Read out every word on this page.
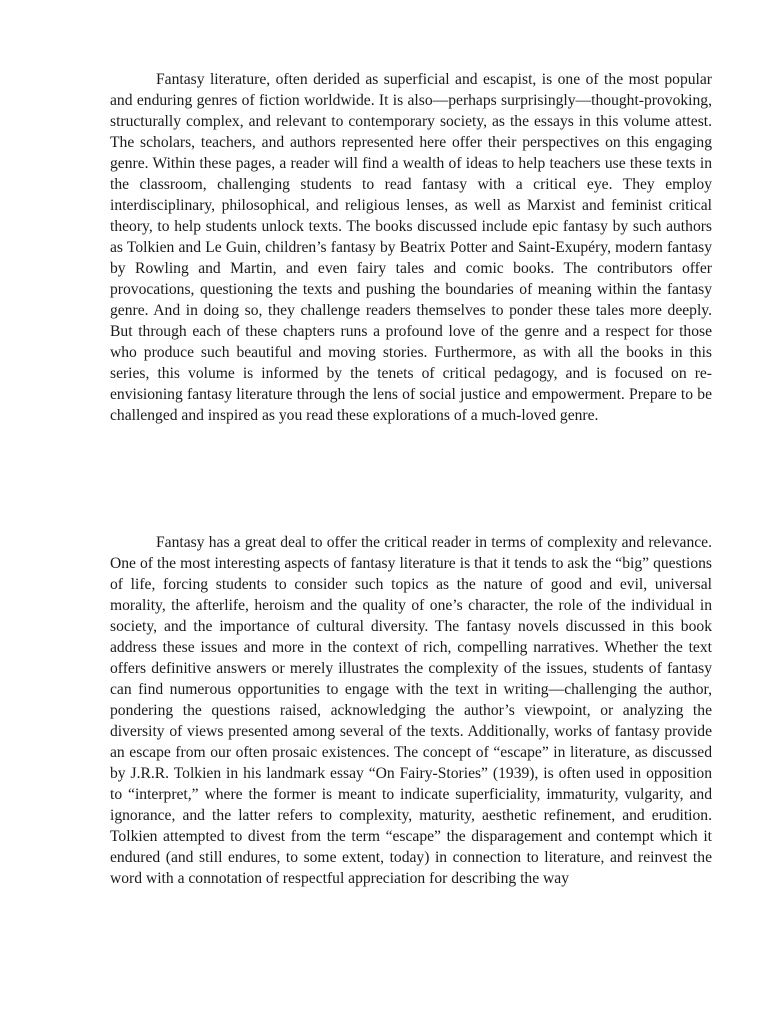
Fantasy literature, often derided as superficial and escapist, is one of the most popular and enduring genres of fiction worldwide. It is also—perhaps surprisingly—thought-provoking, structurally complex, and relevant to contemporary society, as the essays in this volume attest. The scholars, teachers, and authors represented here offer their perspectives on this engaging genre. Within these pages, a reader will find a wealth of ideas to help teachers use these texts in the classroom, challenging students to read fantasy with a critical eye. They employ interdisciplinary, philosophical, and religious lenses, as well as Marxist and feminist critical theory, to help students unlock texts. The books discussed include epic fantasy by such authors as Tolkien and Le Guin, children’s fantasy by Beatrix Potter and Saint-Exupéry, modern fantasy by Rowling and Martin, and even fairy tales and comic books. The contributors offer provocations, questioning the texts and pushing the boundaries of meaning within the fantasy genre. And in doing so, they challenge readers themselves to ponder these tales more deeply. But through each of these chapters runs a profound love of the genre and a respect for those who produce such beautiful and moving stories. Furthermore, as with all the books in this series, this volume is informed by the tenets of critical pedagogy, and is focused on re-envisioning fantasy literature through the lens of social justice and empowerment. Prepare to be challenged and inspired as you read these explorations of a much-loved genre.

Fantasy has a great deal to offer the critical reader in terms of complexity and relevance. One of the most interesting aspects of fantasy literature is that it tends to ask the “big” questions of life, forcing students to consider such topics as the nature of good and evil, universal morality, the afterlife, heroism and the quality of one’s character, the role of the individual in society, and the importance of cultural diversity. The fantasy novels discussed in this book address these issues and more in the context of rich, compelling narratives. Whether the text offers definitive answers or merely illustrates the complexity of the issues, students of fantasy can find numerous opportunities to engage with the text in writing—challenging the author, pondering the questions raised, acknowledging the author’s viewpoint, or analyzing the diversity of views presented among several of the texts. Additionally, works of fantasy provide an escape from our often prosaic existences. The concept of “escape” in literature, as discussed by J.R.R. Tolkien in his landmark essay “On Fairy-Stories” (1939), is often used in opposition to “interpret,” where the former is meant to indicate superficiality, immaturity, vulgarity, and ignorance, and the latter refers to complexity, maturity, aesthetic refinement, and erudition. Tolkien attempted to divest from the term “escape” the disparagement and contempt which it endured (and still endures, to some extent, today) in connection to literature, and reinvest the word with a connotation of respectful appreciation for describing the way
